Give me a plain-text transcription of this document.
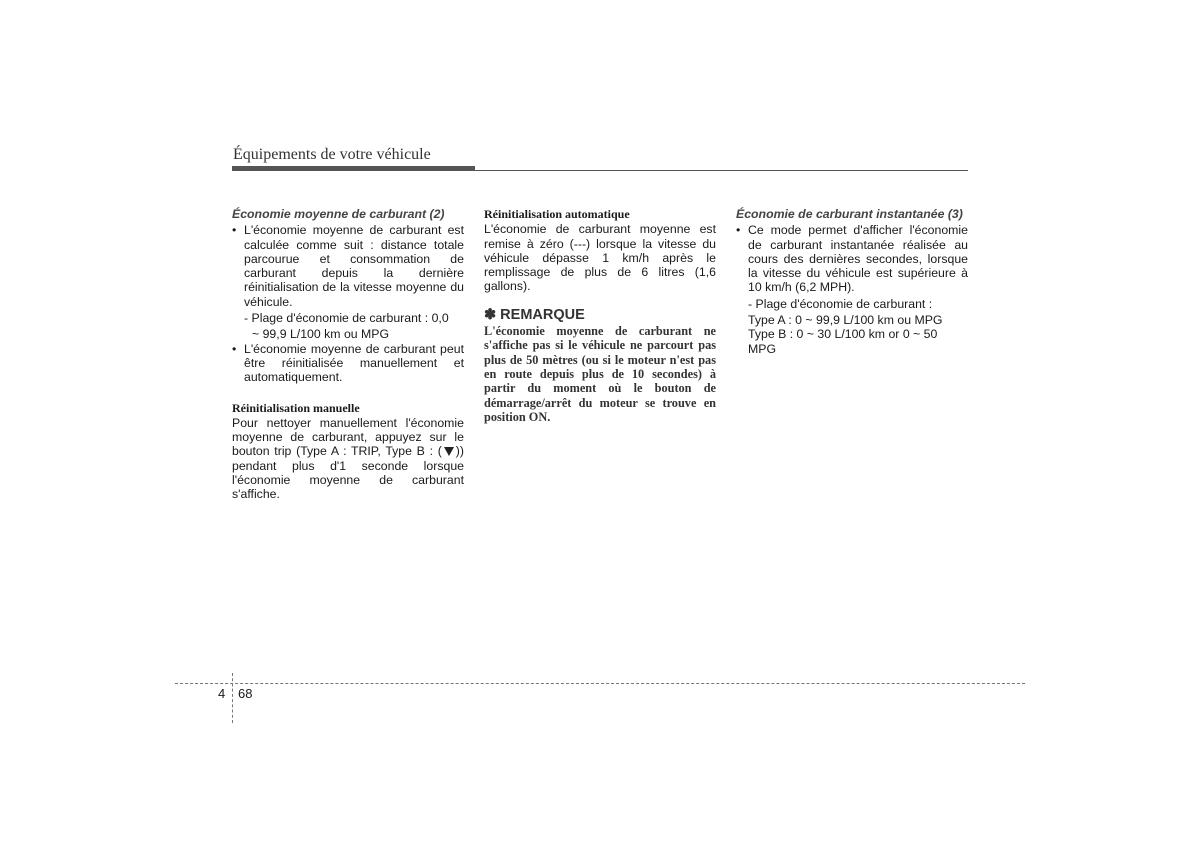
Équipements de votre véhicule
Économie moyenne de carburant (2)
• L'économie moyenne de carburant est calculée comme suit : distance totale parcourue et consommation de carburant depuis la dernière réinitialisation de la vitesse moyenne du véhicule.
- Plage d'économie de carburant : 0,0
~ 99,9 L/100 km ou MPG
• L'économie moyenne de carburant peut être réinitialisée manuellement et automatiquement.
Réinitialisation manuelle
Pour nettoyer manuellement l'économie moyenne de carburant, appuyez sur le bouton trip (Type A : TRIP, Type B : ( )) pendant plus d'1 seconde lorsque l'économie moyenne de carburant s'affiche.
Réinitialisation automatique
L'économie de carburant moyenne est remise à zéro (---) lorsque la vitesse du véhicule dépasse 1 km/h après le remplissage de plus de 6 litres (1,6 gallons).
✽ REMARQUE
L'économie moyenne de carburant ne s'affiche pas si le véhicule ne parcourt pas plus de 50 mètres (ou si le moteur n'est pas en route depuis plus de 10 secondes) à partir du moment où le bouton de démarrage/arrêt du moteur se trouve en position ON.
Économie de carburant instantanée (3)
• Ce mode permet d'afficher l'économie de carburant instantanée réalisée au cours des dernières secondes, lorsque la vitesse du véhicule est supérieure à 10 km/h (6,2 MPH).
- Plage d'économie de carburant :
Type A : 0 ~ 99,9 L/100 km ou MPG
Type B : 0 ~ 30 L/100 km or 0 ~ 50 MPG
4 68
